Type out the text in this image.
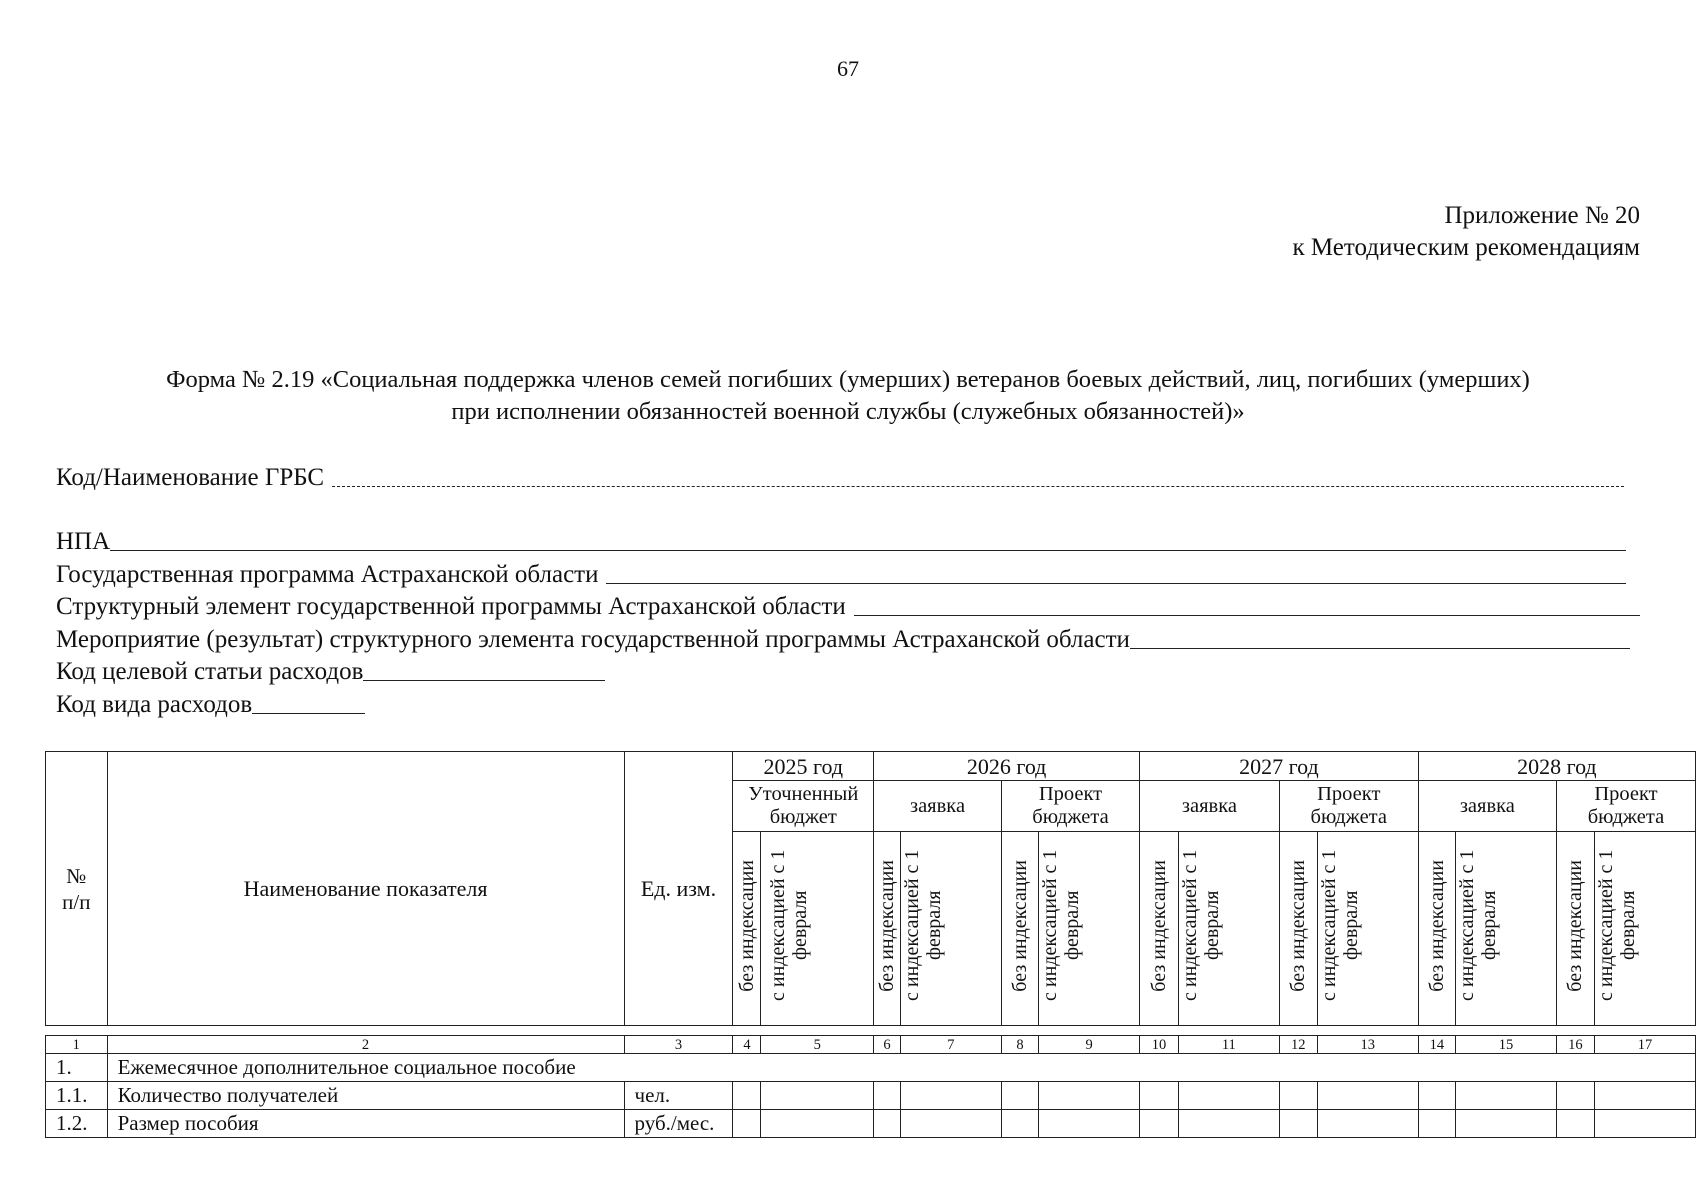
67
Приложение № 20
к Методическим рекомендациям
Форма № 2.19 «Социальная поддержка членов семей погибших (умерших) ветеранов боевых действий, лиц, погибших (умерших)
при исполнении обязанностей военной службы (служебных обязанностей)»
Код/Наименование ГРБС
НПА
Государственная программа Астраханской области
Структурный элемент государственной программы Астраханской области
Мероприятие (результат) структурного элемента государственной программы Астраханской области
Код целевой статьи расходов
Код вида расходов
№ п/п	Наименование показателя	Ед. изм.	2025 год		2026 год				2027 год				2028 год			
			Уточненный бюджет		заявка		Проект бюджета		заявка		Проект бюджета		заявка		Проект бюджета	
			без индексации	с индексацией с 1 февраля	без индексации	с индексацией с 1 февраля	без индексации	с индексацией с 1 февраля	без индексации	с индексацией с 1 февраля	без индексации	с индексацией с 1 февраля	без индексации	с индексацией с 1 февраля	без индексации	с индексацией с 1 февраля

1	2	3	4	5	6	7	8	9	10	11	12	13	14	15	16	17
1.	Ежемесячное дополнительное социальное пособие															
1.1.	Количество получателей	чел.														
1.2.	Размер пособия	руб./мес.														
